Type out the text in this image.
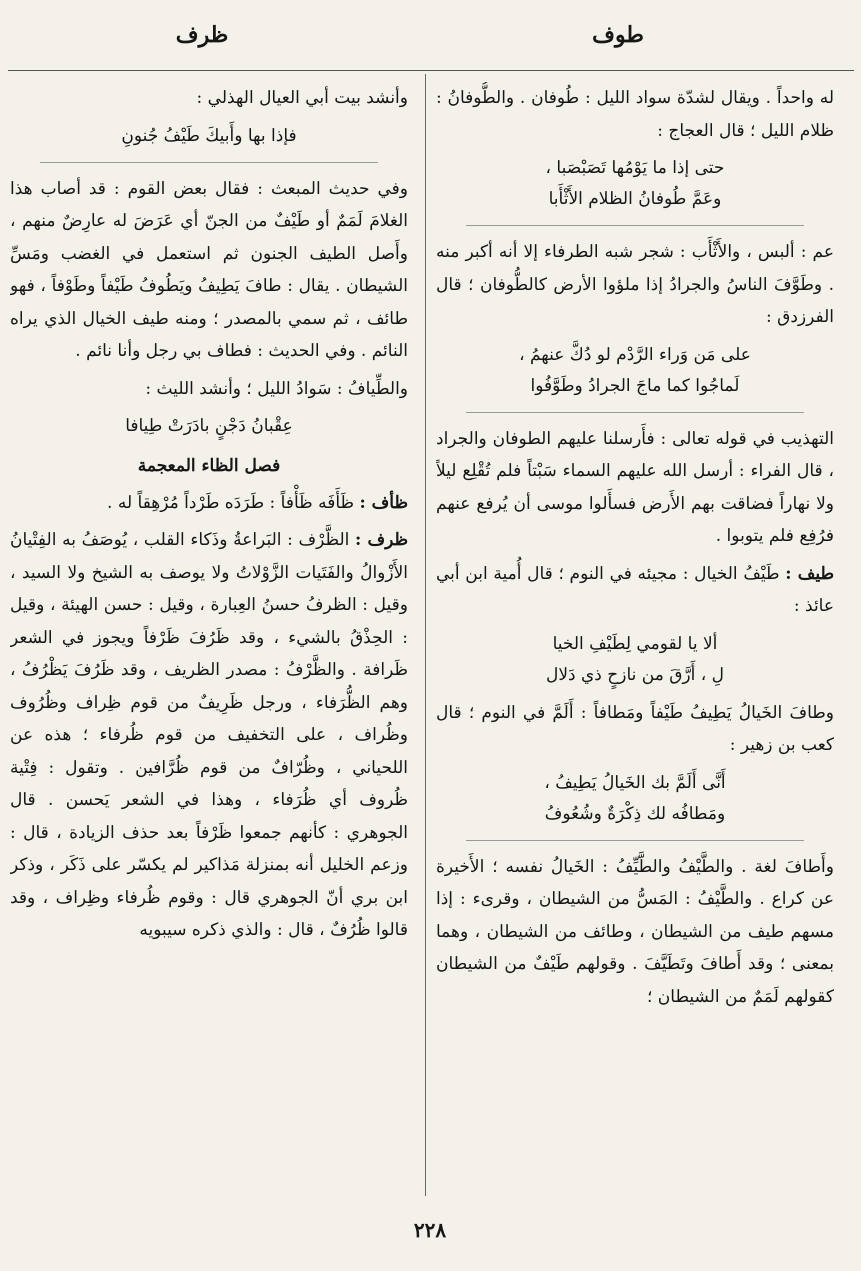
طوف
ظرف

له واحداً . ويقال لشدّة سواد الليل : طُوفان . والطُّوفانُ : ظلام الليل ؛ قال العجاج :

حتى إذا ما يَوْمُها تَصَبْصَبا ،
وعَمَّ طُوفانُ الظلام الأَثْأَبا

عم : ألبس ، والأَثْأَب : شجر شبه الطرفاء إلا أنه أكبر منه . وطَوَّفَ الناسُ والجرادُ إذا ملؤوا الأرض كالطُّوفان ؛ قال الفرزدق :

على مَن وَراء الرَّدْم لو دُكَّ عنهمُ ،
لَماجُوا كما ماجَ الجرادُ وطَوَّفُوا

التهذيب في قوله تعالى : فأَرسلنا عليهم الطوفان والجراد ، قال الفراء : أرسل الله عليهم السماء سَبْتاً فلم تُقْلِع ليلاً ولا نهاراً فضاقت بهم الأَرض فسأَلوا موسى أن يُرفع عنهم فرُفِع فلم يتوبوا .

طيف : طَيْفُ الخيال : مجيئه في النوم ؛ قال أُمية ابن أبي عائذ :

ألا يا لقومي لِطَيْفِ الخيا
لِ ، أَرَّقَ من نازحٍ ذي دَلال

وطافَ الخَيالُ يَطِيفُ طَيْفاً ومَطافاً : أَلَمَّ في النوم ؛ قال كعب بن زهير :

أَنَّى أَلَمَّ بك الخَيالُ يَطِيفُ ،
ومَطافُه لك ذِكْرَةٌ وشُعُوفُ

وأَطافَ لغة . والطَّيْفُ والطَّيِّفُ : الخَيالُ نفسه ؛ الأَخيرة عن كراع . والطَّيْفُ : المَسُّ من الشيطان ، وقرىء : إذا مسهم طيف من الشيطان ، وطائف من الشيطان ، وهما بمعنى ؛ وقد أَطافَ وتَطَيَّفَ . وقولهم طَيْفٌ من الشيطان كقولهم لَمَمٌ من الشيطان ؛

وأنشد بيت أبي العيال الهذلي :

فإذا بها وأَبيكَ طَيْفُ جُنونِ

وفي حديث المبعث : فقال بعض القوم : قد أصاب هذا الغلامَ لَمَمٌ أو طَيْفٌ من الجنّ أي عَرَضَ له عارِضٌ منهم ، وأَصل الطيف الجنون ثم استعمل في الغضب ومَسِّ الشيطان . يقال : طافَ يَطِيفُ ويَطُوفُ طَيْفاً وطَوْفاً ، فهو طائف ، ثم سمي بالمصدر ؛ ومنه طيف الخيال الذي يراه النائم . وفي الحديث : فطاف بي رجل وأنا نائم .

والطِّيافُ : سَوادُ الليل ؛ وأنشد الليث :

عِقْبانُ دَجْنٍ بادَرَتْ طِيافا
فصل الظاء المعجمة

ظأف : ظَأَفَه ظَأْفاً : طَرَدَه طَرْداً مُرْهِقاً له .

ظرف : الظَّرْف : البَراعةُ وذَكاء القلب ، يُوصَفُ به الفِتْيانُ الأَزْوالُ والفَتَيات الزَّوْلاتُ ولا يوصف به الشيخ ولا السيد ، وقيل : الظرفُ حسنُ العِبارة ، وقيل : حسن الهيئة ، وقيل : الحِذْقُ بالشيء ، وقد ظَرُفَ ظَرْفاً ويجوز في الشعر ظَرافة . والظَّرْفُ : مصدر الظريف ، وقد ظَرُفَ يَظْرُفُ ، وهم الظُّرَفاء ، ورجل ظَرِيفٌ من قوم ظِراف وظُرُوف وظُراف ، على التخفيف من قوم ظُرفاء ؛ هذه عن اللحياني ، وظُرّافٌ من قوم ظُرَّافين . وتقول : فِتْية ظُروف أي ظُرَفاء ، وهذا في الشعر يَحسن . قال الجوهري : كأنهم جمعوا ظَرْفاً بعد حذف الزيادة ، قال : وزعم الخليل أنه بمنزلة مَذاكير لم يكسّر على ذَكَر ، وذكر ابن بري أنّ الجوهري قال : وقوم ظُرفاء وظِراف ، وقد قالوا ظُرُفٌ ، قال : والذي ذكره سيبويه

٢٢٨
